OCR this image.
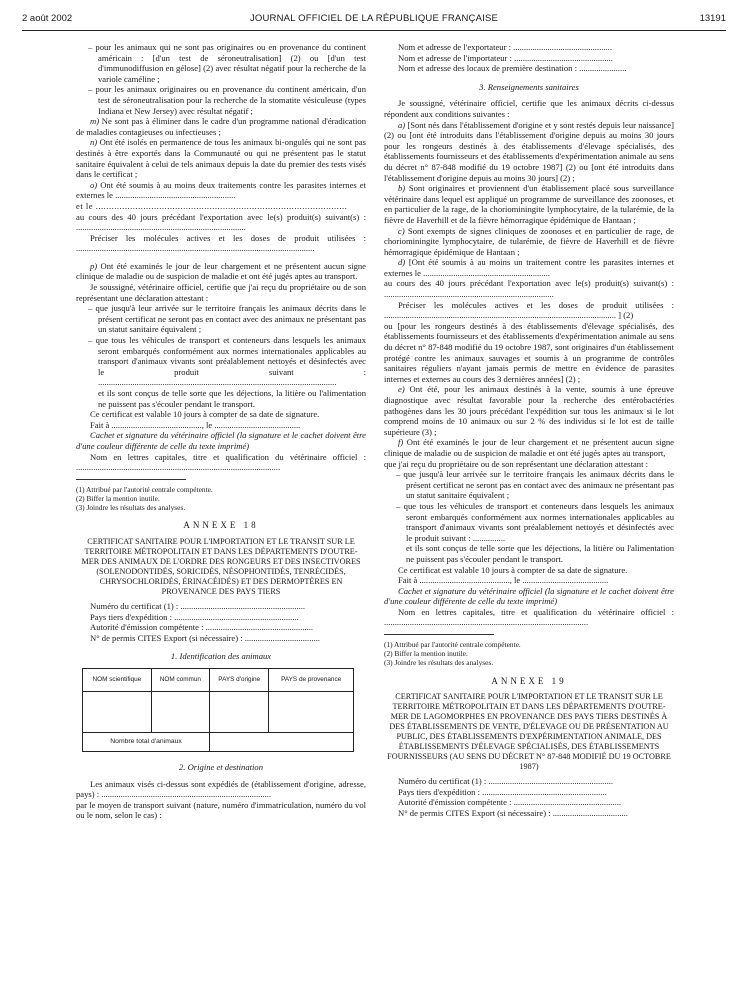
2 août 2002	JOURNAL OFFICIEL DE LA RÉPUBLIQUE FRANÇAISE	13191

– pour les animaux qui ne sont pas originaires ou en provenance du continent américain : [d'un test de séroneutralisation] (2) ou [d'un test d'immunodiffusion en gélose] (2) avec résultat négatif pour la recherche de la variole caméline ;

– pour les animaux originaires ou en provenance du continent américain, d'un test de séroneutralisation pour la recherche de la stomatite vésiculeuse (types Indiana et New Jersey) avec résultat négatif ;

m) Ne sont pas à éliminer dans le cadre d'un programme national d'éradication de maladies contagieuses ou infectieuses ;

n) Ont été isolés en permanence de tous les animaux bi-ongulés qui ne sont pas destinés à être exportés dans la Communauté ou qui ne présentent pas le statut sanitaire équivalent à celui de tels animaux depuis la date du premier des tests visés dans le certificat ;

o) Ont été soumis à au moins deux traitements contre les parasites internes et externes le ........................................................

et le ...............................................................................................

au cours des 40 jours précédant l'exportation avec le(s) produit(s) suivant(s) : ...............................................................................

Préciser les molécules actives et les doses de produit utilisées : ...............................................................................................................

p) Ont été examinés le jour de leur chargement et ne présentent aucun signe clinique de maladie ou de suspicion de maladie et ont été jugés aptes au transport.

Je soussigné, vétérinaire officiel, certifie que j'ai reçu du propriétaire ou de son représentant une déclaration attestant :

– que jusqu'à leur arrivée sur le territoire français les animaux décrits dans le présent certificat ne seront pas en contact avec des animaux ne présentant pas un statut sanitaire équivalent ;

– que tous les véhicules de transport et conteneurs dans lesquels les animaux seront embarqués conformément aux normes internationales applicables au transport d'animaux vivants sont préalablement nettoyés et désinfectés avec le produit suivant : ...............................................................................................................

et ils sont conçus de telle sorte que les déjections, la litière ou l'alimentation ne puissent pas s'écouler pendant le transport.

Ce certificat est valable 10 jours à compter de sa date de signature.

Fait à .........................................., le ........................................

Cachet et signature du vétérinaire officiel (la signature et le cachet doivent être d'une couleur différente de celle du texte imprimé)

Nom en lettres capitales, titre et qualification du vétérinaire officiel : ...............................................................................................

(1) Attribué par l'autorité centrale compétente.

(2) Biffer la mention inutile.

(3) Joindre les résultats des analyses.

ANNEXE 18

CERTIFICAT SANITAIRE POUR L'IMPORTATION ET LE TRANSIT SUR LE TERRITOIRE MÉTROPOLITAIN ET DANS LES DÉPARTEMENTS D'OUTRE-MER DES ANIMAUX DE L'ORDRE DES RONGEURS ET DES INSECTIVORES (SOLENODONTIDÉS, SORICIDÉS, NÉSOPHONTIDÉS, TENRÉCIDÉS, CHRYSOCHLORIDÉS, ÉRINACÉIDÉS) ET DES DERMOPTÈRES EN PROVENANCE DES PAYS TIERS

Numéro du certificat (1) : ..........................................................

Pays tiers d'expédition : ..........................................................

Autorité d'émission compétente : ..................................................

N° de permis CITES Export (si nécessaire) : ...................................

1. Identification des animaux
NOM scientifique	NOM commun	PAYS d'origine	PAYS de provenance

Nombre total d'animaux			
2. Origine et destination

Les animaux visés ci-dessus sont expédiés de (établissement d'origine, adresse, pays) : ...............................................................................

par le moyen de transport suivant (nature, numéro d'immatriculation, numéro du vol ou le nom, selon le cas) :

Nom et adresse de l'exportateur : ..............................................

Nom et adresse de l'importateur : ..............................................

Nom et adresse des locaux de première destination : ......................

3. Renseignements sanitaires

Je soussigné, vétérinaire officiel, certifie que les animaux décrits ci-dessus répondent aux conditions suivantes :

a) [Sont nés dans l'établissement d'origine et y sont restés depuis leur naissance] (2) ou [ont été introduits dans l'établissement d'origine depuis au moins 30 jours pour les rongeurs destinés à des établissements d'élevage spécialisés, des établissements fournisseurs et des établissements d'expérimentation animale au sens du décret n° 87-848 modifié du 19 octobre 1987] (2) ou [ont été introduits dans l'établissement d'origine depuis au moins 30 jours] (2) ;

b) Sont originaires et proviennent d'un établissement placé sous surveillance vétérinaire dans lequel est appliqué un programme de surveillance des zoonoses, et en particulier de la rage, de la choriominingite lymphocytaire, de la tularémie, de la fièvre de Haverhill et de la fièvre hémorragique épidémique de Hantaan ;

c) Sont exempts de signes cliniques de zoonoses et en particulier de rage, de choriominingite lymphocytaire, de tularémie, de fièvre de Haverhill et de fièvre hémorragique épidémique de Hantaan ;

d) [Ont été soumis à au moins un traitement contre les parasites internes et externes le ...........................................................

au cours des 40 jours précédant l'exportation avec le(s) produit(s) suivant(s) : ...............................................................................

Préciser les molécules actives et les doses de produit utilisées : ............................................................................................................ ] (2)

ou [pour les rongeurs destinés à des établissements d'élevage spécialisés, des établissements fournisseurs et des établissements d'expérimentation animale au sens du décret n° 87-848 modifié du 19 octobre 1987, sont originaires d'un établissement protégé contre les animaux sauvages et soumis à un programme de contrôles sanitaires réguliers n'ayant jamais permis de mettre en évidence de parasites internes et externes au cours des 3 dernières années] (2) ;

e) Ont été, pour les animaux destinés à la vente, soumis à une épreuve diagnostique avec résultat favorable pour la recherche des entérobactéries pathogènes dans les 30 jours précédant l'expédition sur tous les animaux si le lot comprend moins de 10 animaux ou sur 2 % des individus si le lot est de taille supérieure (3) ;

f) Ont été examinés le jour de leur chargement et ne présentent aucun signe clinique de maladie ou de suspicion de maladie et ont été jugés aptes au transport,

que j'ai reçu du propriétaire ou de son représentant une déclaration attestant :

– que jusqu'à leur arrivée sur le territoire français les animaux décrits dans le présent certificat ne seront pas en contact avec des animaux ne présentant pas un statut sanitaire équivalent ;

– que tous les véhicules de transport et conteneurs dans lesquels les animaux seront embarqués conformément aux normes internationales applicables au transport d'animaux vivants sont préalablement nettoyés et désinfectés avec le produit suivant : ...............

et ils sont conçus de telle sorte que les déjections, la litière ou l'alimentation ne puissent pas s'écouler pendant le transport.

Ce certificat est valable 10 jours à compter de sa date de signature.

Fait à .........................................., le ........................................

Cachet et signature du vétérinaire officiel (la signature et le cachet doivent être d'une couleur différente de celle du texte imprimé)

Nom en lettres capitales, titre et qualification du vétérinaire officiel : ...............................................................................................

(1) Attribué par l'autorité centrale compétente.

(2) Biffer la mention inutile.

(3) Joindre les résultats des analyses.

ANNEXE 19

CERTIFICAT SANITAIRE POUR L'IMPORTATION ET LE TRANSIT SUR LE TERRITOIRE MÉTROPOLITAIN ET DANS LES DÉPARTEMENTS D'OUTRE-MER DE LAGOMORPHES EN PROVENANCE DES PAYS TIERS DESTINÉS À DES ÉTABLISSEMENTS DE VENTE, D'ÉLEVAGE OU DE PRÉSENTATION AU PUBLIC, DES ÉTABLISSEMENTS D'EXPÉRIMENTATION ANIMALE, DES ÉTABLISSEMENTS D'ÉLEVAGE SPÉCIALISÉS, DES ÉTABLISSEMENTS FOURNISSEURS (AU SENS DU DÉCRET N° 87-848 MODIFIÉ DU 19 OCTOBRE 1987)

Numéro du certificat (1) : ..........................................................

Pays tiers d'expédition : ..........................................................

Autorité d'émission compétente : ..................................................

N° de permis CITES Export (si nécessaire) : ...................................
